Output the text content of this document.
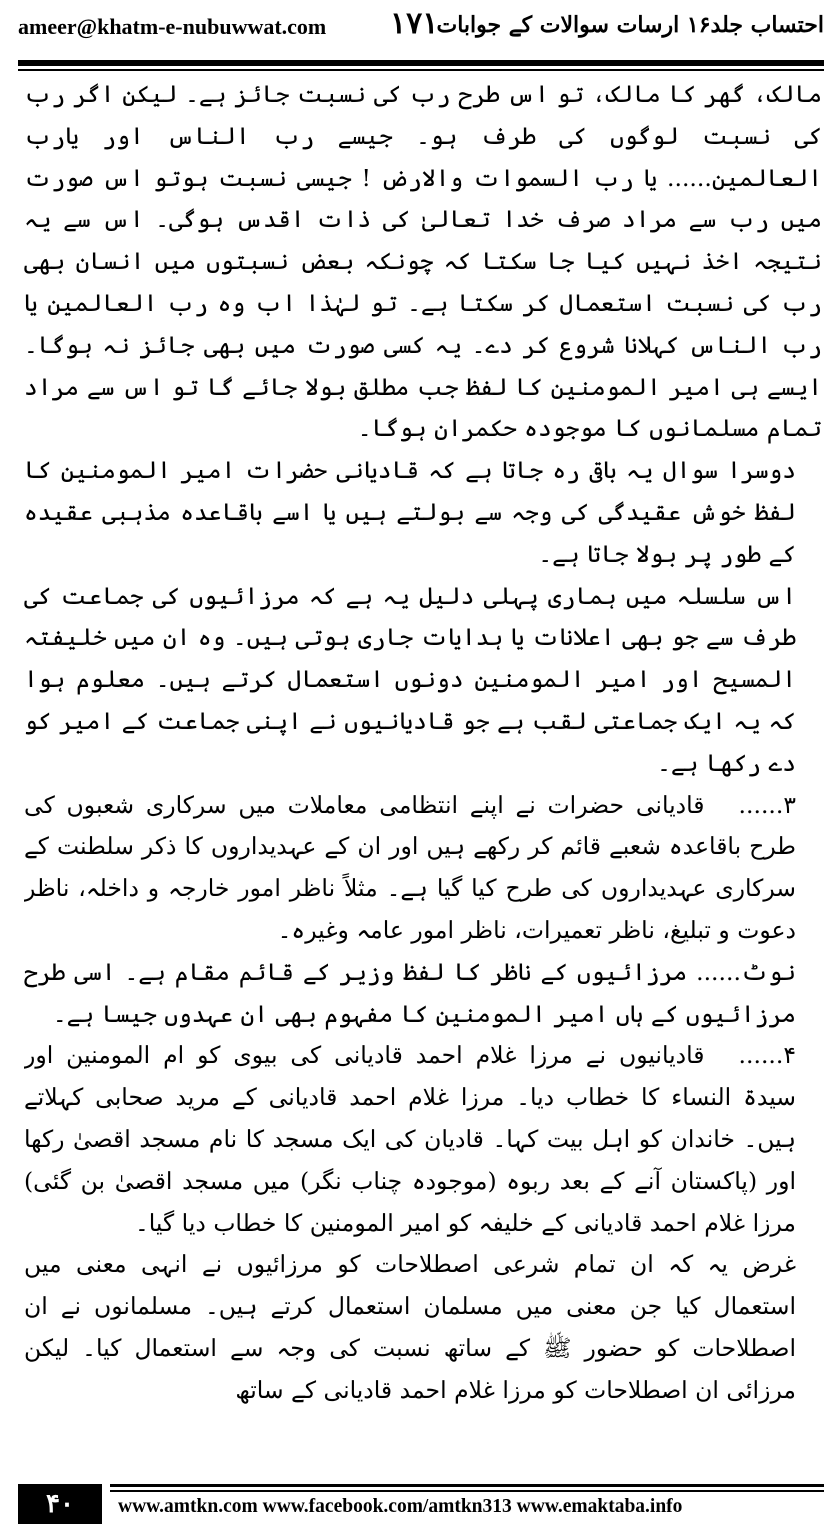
ameer@khatm-e-nubuwwat.com ۱۷۱
احتساب جلد۱۶ ارسات سوالات کے جوابات

مالک، گھر کا مالک، تو اس طرح رب کی نسبت جائز ہے۔ لیکن اگر رب کی نسبت لوگوں کی طرف ہو۔ جیسے رب الناس اور یارب العالمین...... یا رب السموات والارض ! جیسی نسبت ہوتو اس صورت میں رب سے مراد صرف خدا تعالیٰ کی ذات اقدس ہوگی۔ اس سے یہ نتیجہ اخذ نہیں کیا جا سکتا کہ چونکہ بعض نسبتوں میں انسان بھی رب کی نسبت استعمال کر سکتا ہے۔ تو لہٰذا اب وہ رب العالمین یا رب الناس کہلانا شروع کر دے۔ یہ کسی صورت میں بھی جائز نہ ہوگا۔ ایسے ہی امیر المومنین کا لفظ جب مطلق بولا جائے گا تو اس سے مراد تمام مسلمانوں کا موجودہ حکمران ہوگا۔

دوسرا سوال یہ باقی رہ جاتا ہے کہ قادیانی حضرات امیر المومنین کا لفظ خوش عقیدگی کی وجہ سے بولتے ہیں یا اسے باقاعدہ مذہبی عقیدہ کے طور پر بولا جاتا ہے۔

اس سلسلہ میں ہماری پہلی دلیل یہ ہے کہ مرزائیوں کی جماعت کی طرف سے جو بھی اعلانات یا ہدایات جاری ہوتی ہیں۔ وہ ان میں خلیفتہ المسیح اور امیر المومنین دونوں استعمال کرتے ہیں۔ معلوم ہوا کہ یہ ایک جماعتی لقب ہے جو قادیانیوں نے اپنی جماعت کے امیر کو دے رکھا ہے۔

۳......قادیانی حضرات نے اپنے انتظامی معاملات میں سرکاری شعبوں کی طرح باقاعدہ شعبے قائم کر رکھے ہیں اور ان کے عہدیداروں کا ذکر سلطنت کے سرکاری عہدیداروں کی طرح کیا گیا ہے۔ مثلاً ناظر امور خارجہ و داخلہ، ناظر دعوت و تبلیغ، ناظر تعمیرات، ناظر امور عامہ وغیرہ۔

نوٹ...... مرزائیوں کے ناظر کا لفظ وزیر کے قائم مقام ہے۔ اسی طرح مرزائیوں کے ہاں امیر المومنین کا مفہوم بھی ان عہدوں جیسا ہے۔

۴......قادیانیوں نے مرزا غلام احمد قادیانی کی بیوی کو ام المومنین اور سیدۃ النساء کا خطاب دیا۔ مرزا غلام احمد قادیانی کے مرید صحابی کہلاتے ہیں۔ خاندان کو اہل بیت کہا۔ قادیان کی ایک مسجد کا نام مسجد اقصیٰ رکھا اور (پاکستان آنے کے بعد ربوہ (موجودہ چناب نگر) میں مسجد اقصیٰ بن گئی) مرزا غلام احمد قادیانی کے خلیفہ کو امیر المومنین کا خطاب دیا گیا۔

غرض یہ کہ ان تمام شرعی اصطلاحات کو مرزائیوں نے انہی معنی میں استعمال کیا جن معنی میں مسلمان استعمال کرتے ہیں۔ مسلمانوں نے ان اصطلاحات کو حضور ﷺ کے ساتھ نسبت کی وجہ سے استعمال کیا۔ لیکن مرزائی ان اصطلاحات کو مرزا غلام احمد قادیانی کے ساتھ

۴۰	www.amtkn.com www.facebook.com/amtkn313 www.emaktaba.info
